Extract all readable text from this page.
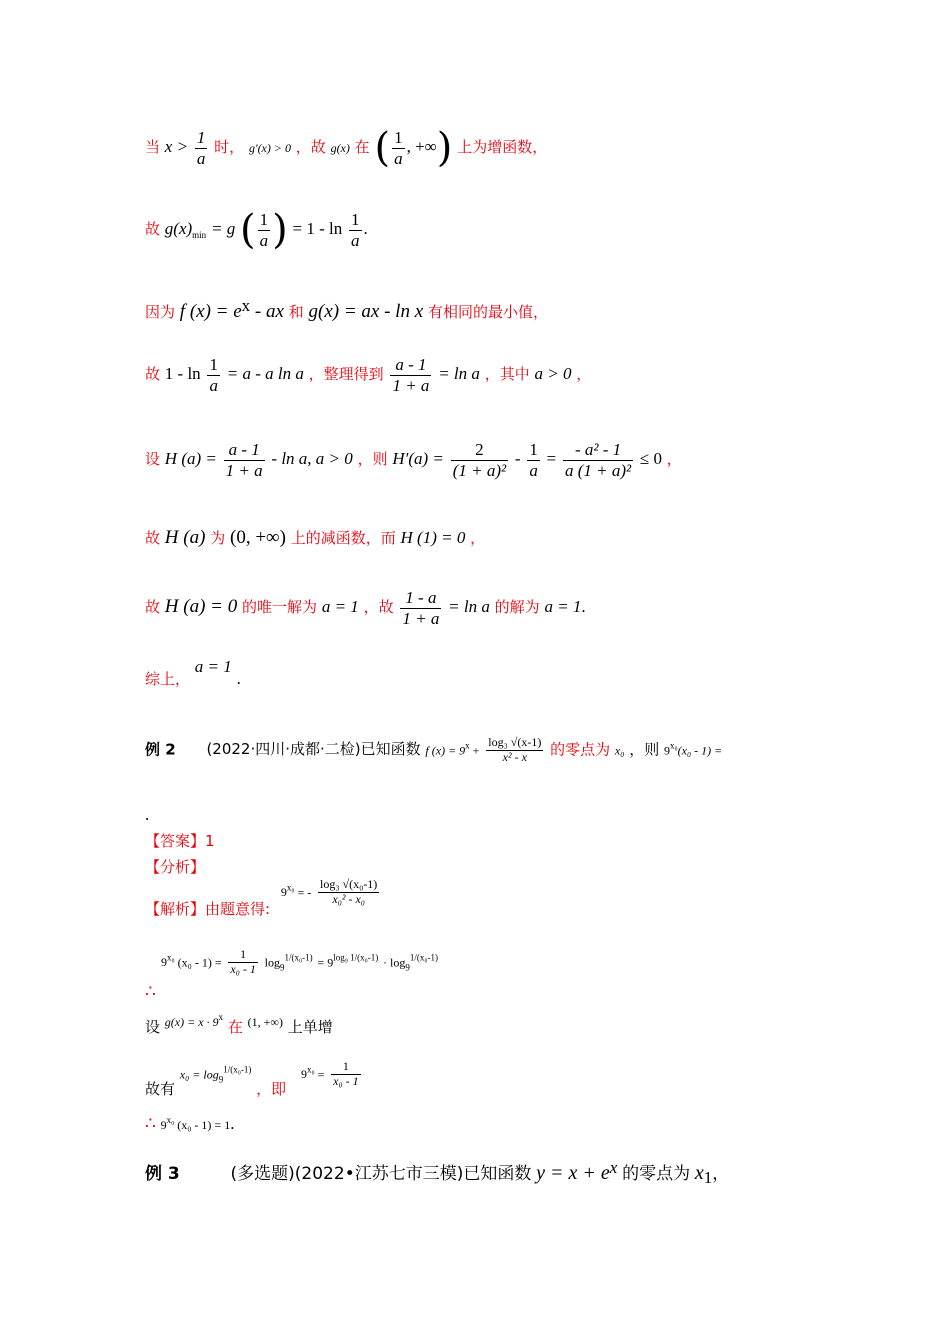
当 $x > \frac{1}{a}$ 时， g′(x) > 0 ，故 g(x) 在 ( $\frac{1}{a}$ , +∞) 上为增函数，
故 $g(x)_{min} = g$ ( $\frac{1}{a}$ ) = $1 - \ln \frac{1}{a}$ .
因为 f $(x) = e^x$ - ax 和 g(x) = ax - ln x 有相同的最小值，
故 $1 - \ln \frac{1}{a} = a - a$ ln a ，整理得到 $\frac{a - 1}{1 + a} = \ln a$ ，其中 a > 0 ，
设 H $(a) = \frac{a - 1}{1 + a} - \ln a$, a > 0 ，则 $H'(a) = \frac{2}{\text{(1 + a)²}} - \frac{1}{a} = \frac{\text{- a² - 1}}{\text{a (1 + a)²}} \le 0$ ，
故 H (a) 为 (0, +∞) 上的减函数，而 H (1) = 0 ，
故 H (a) = 0 的唯一解为 a = 1 ，故 $\frac{1 - a}{1 + a} = \ln a$ 的解为 a = 1.
综上， a = 1 .
例 2 (2022·四川·成都·二检)已知函数 f $(x) = 9^x + \frac{\text{log₃ √(x-1)}}{\text{x² - x}}$ 的零点为 x₀ ，则 $9^{x_0}(x_0 - 1)$ =
.
【答案】1
【分析】
【解析】由题意得: $9^{x_0}$ = - $\frac{\text{log₃ √(x₀-1)}}{\text{x₀² - x₀}}$
$9^{x_0}$ $(x_0 - 1) = \frac{1}{\text{x₀ - 1}} \log_9^{1/(x_0-1)} = 9^{log_9 1/(x_0-1)} \cdot \log_9^{1/(x_0-1)}$
∴
设 $^{g(x) = x \cdot 9x}$ 在 $^{(1, +\infty)}$ 上单增
故有 $x_0 = \log_9^{1/(x_0-1)}$ ，即 $9^{x_0} = \frac{1}{\text{x₀ - 1}}$
∴ $9^{x_0}$ (x₀ - 1) = 1.
例 3	(多选题)(2022•江苏七市三模)已知函数 $y = x + e^x$ 的零点为 $x_1$，
